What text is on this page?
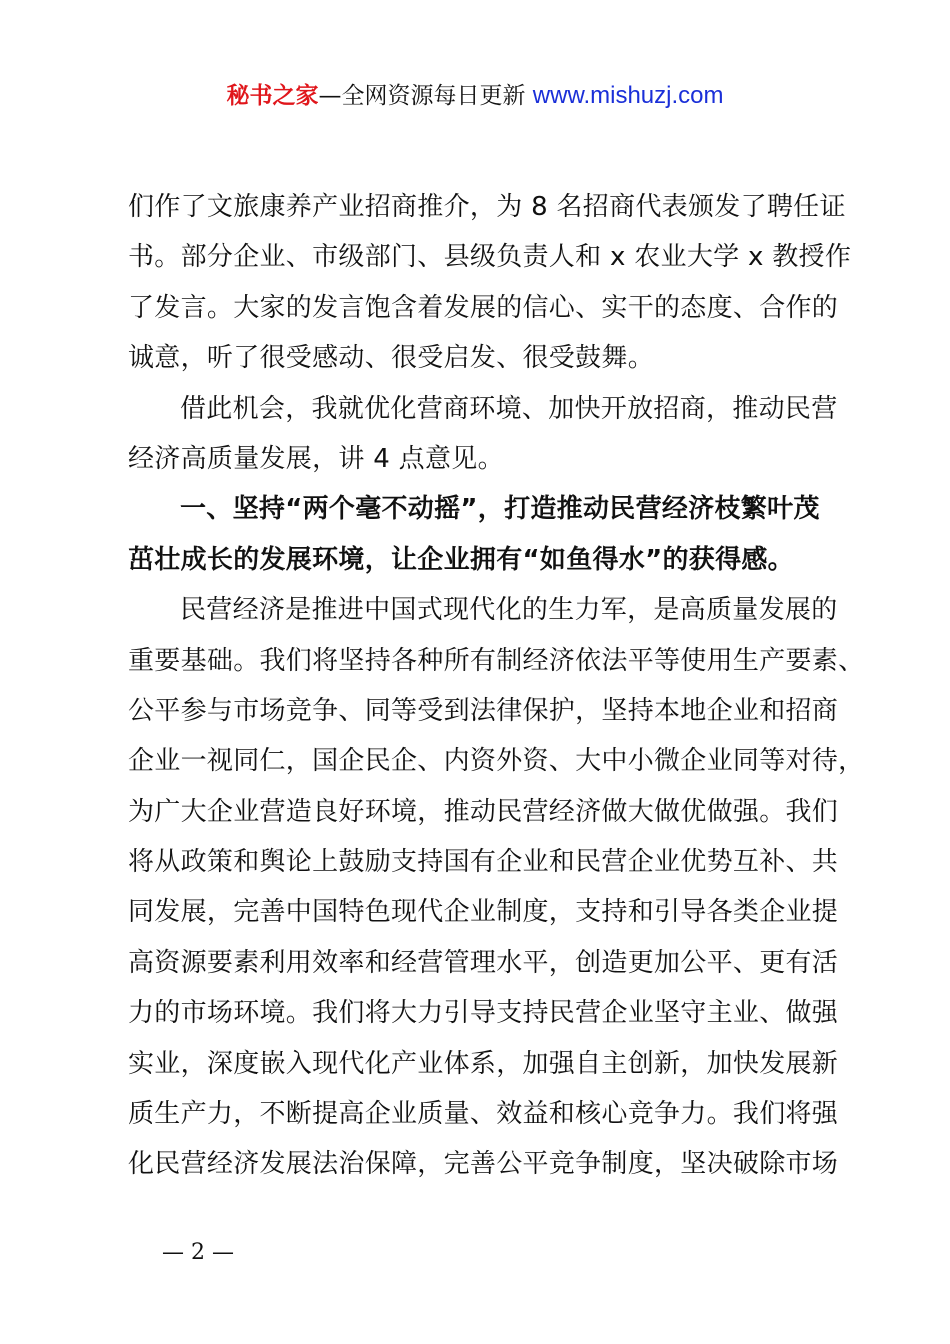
秘书之家—全网资源每日更新 www.mishuzj.com
们作了文旅康养产业招商推介，为 8 名招商代表颁发了聘任证
书。部分企业、市级部门、县级负责人和 x 农业大学 x 教授作
了发言。大家的发言饱含着发展的信心、实干的态度、合作的
诚意，听了很受感动、很受启发、很受鼓舞。
借此机会，我就优化营商环境、加快开放招商，推动民营
经济高质量发展，讲 4 点意见。
一、坚持“两个毫不动摇”，打造推动民营经济枝繁叶茂
茁壮成长的发展环境，让企业拥有“如鱼得水”的获得感。
民营经济是推进中国式现代化的生力军，是高质量发展的
重要基础。我们将坚持各种所有制经济依法平等使用生产要素、
公平参与市场竞争、同等受到法律保护，坚持本地企业和招商
企业一视同仁，国企民企、内资外资、大中小微企业同等对待，
为广大企业营造良好环境，推动民营经济做大做优做强。我们
将从政策和舆论上鼓励支持国有企业和民营企业优势互补、共
同发展，完善中国特色现代企业制度，支持和引导各类企业提
高资源要素利用效率和经营管理水平，创造更加公平、更有活
力的市场环境。我们将大力引导支持民营企业坚守主业、做强
实业，深度嵌入现代化产业体系，加强自主创新，加快发展新
质生产力，不断提高企业质量、效益和核心竞争力。我们将强
化民营经济发展法治保障，完善公平竞争制度，坚决破除市场
— 2 —
